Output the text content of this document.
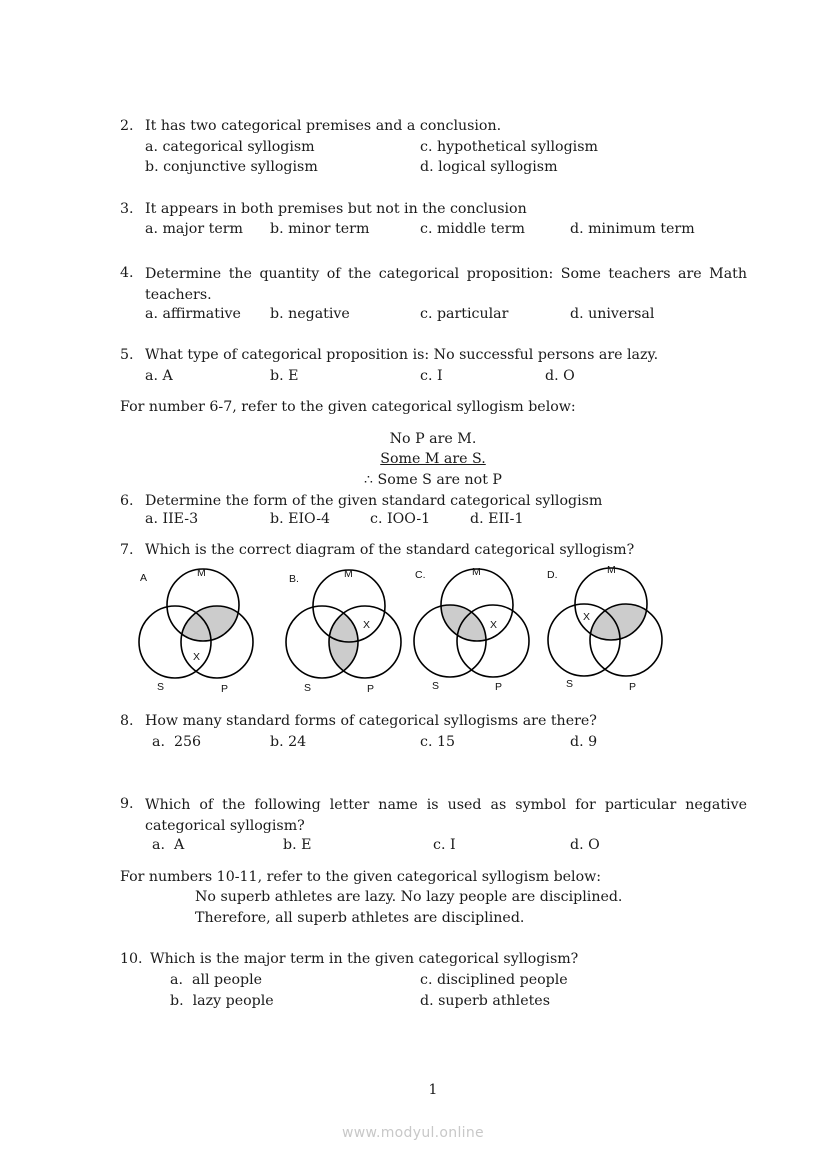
2. It has two categorical premises and a conclusion.
a. categorical syllogism
b. conjunctive syllogism
c. hypothetical syllogism
d. logical syllogism
3. It appears in both premises but not in the conclusion
a. major term b. minor term	c. middle term	d. minimum term
4. Determine the quantity of the categorical proposition: Some teachers are Math teachers.
a. affirmative b. negative	c. particular	d. universal
5. What type of categorical proposition is: No successful persons are lazy.
a. A	b. E	c. I	d. O
For number 6-7, refer to the given categorical syllogism below:
No P are M.
Some M are S.
∴ Some S are not P
6. Determine the form of the given standard categorical syllogism
a. IIE-3	b. EIO-4	c. IOO-1	d. EII-1
7. Which is the correct diagram of the standard categorical syllogism?
A	M
X
S	P
B.	M
X
S	P
C.	M
X
S	P
D.	M
X
S	P
8. How many standard forms of categorical syllogisms are there?
a.  256	b. 24	c. 15	d. 9
9. Which of the following letter name is used as symbol for particular negative categorical syllogism?
a.  A	b. E	c. I	d. O
For numbers 10-11, refer to the given categorical syllogism below:
No superb athletes are lazy. No lazy people are disciplined.
Therefore, all superb athletes are disciplined.
10. Which is the major term in the given categorical syllogism?
a.  all people
b.  lazy people
c. disciplined people
d. superb athletes
1
www.modyul.online
